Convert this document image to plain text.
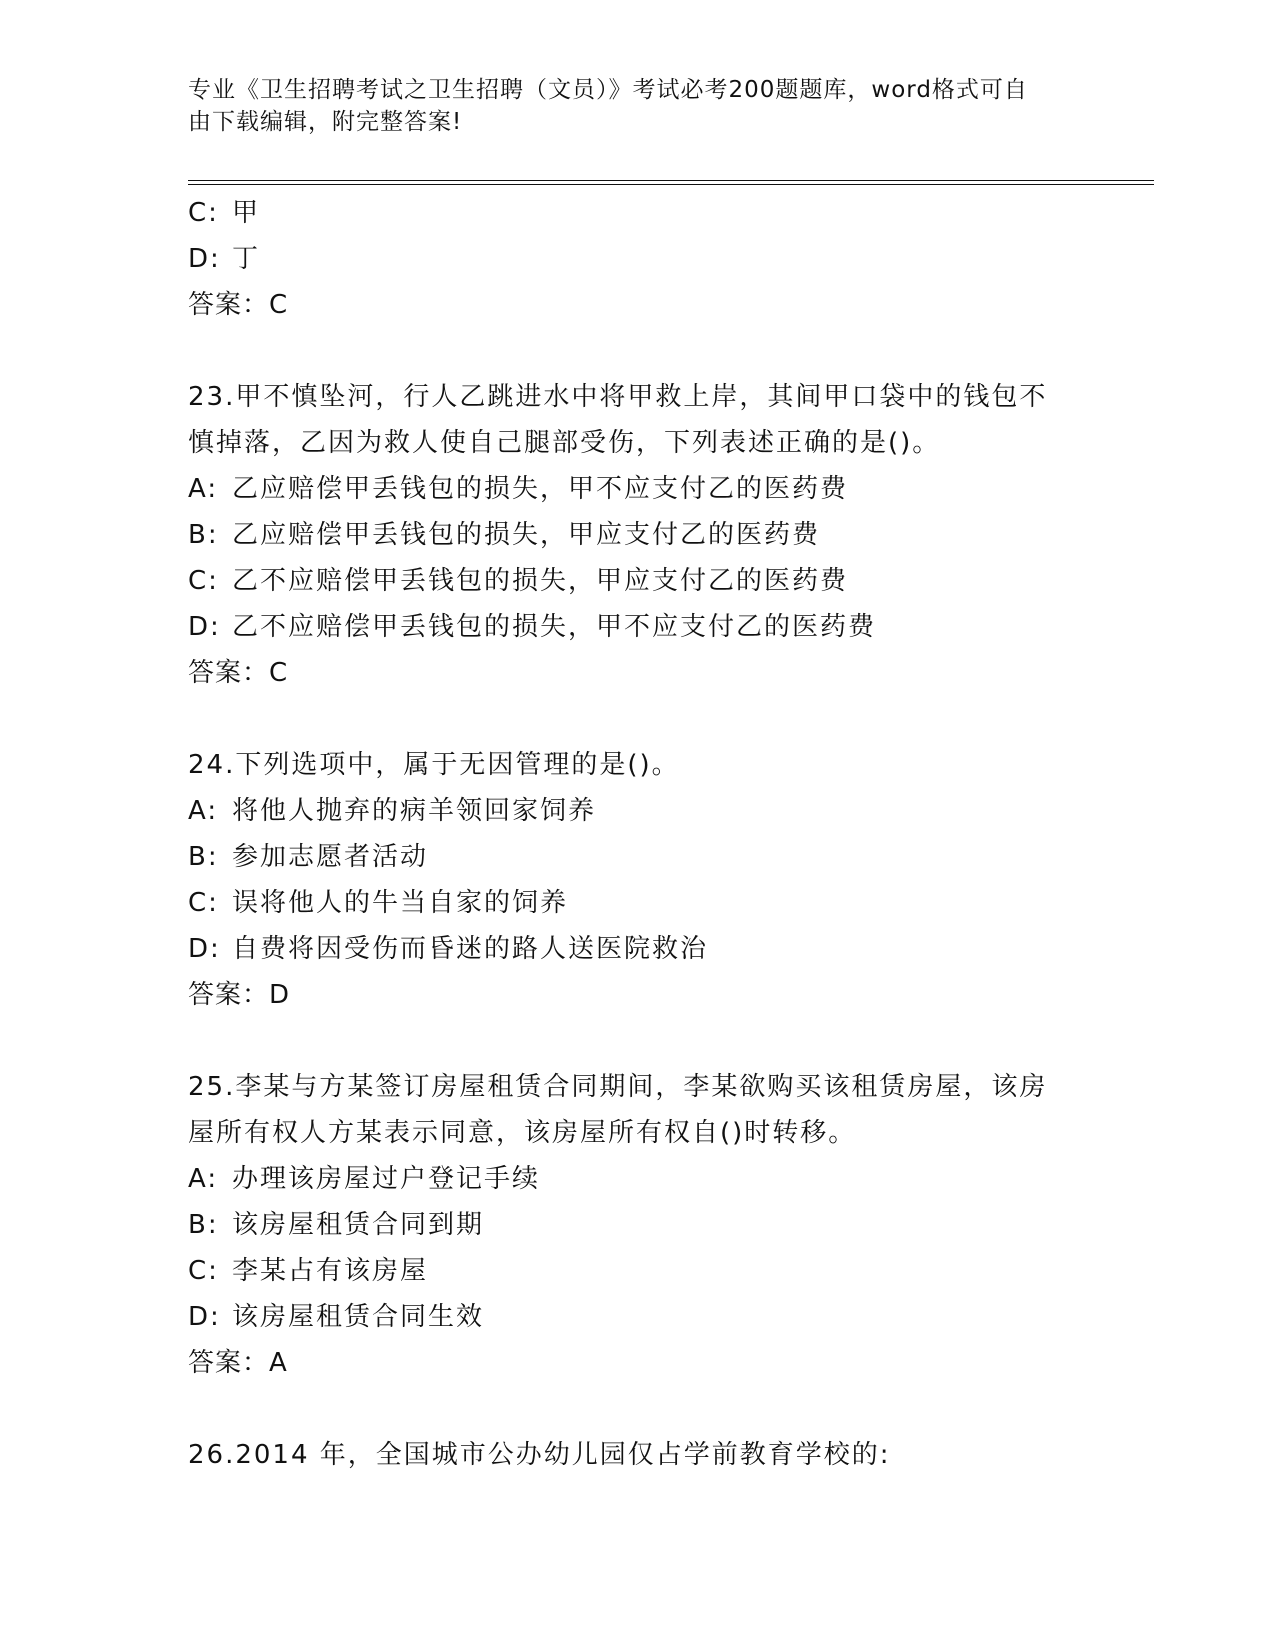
专业《卫生招聘考试之卫生招聘（文员）》考试必考200题题库，word格式可自
由下载编辑，附完整答案!
C: 甲
D: 丁
答案：C
23.甲不慎坠河，行人乙跳进水中将甲救上岸，其间甲口袋中的钱包不
慎掉落，乙因为救人使自己腿部受伤，下列表述正确的是()。
A: 乙应赔偿甲丢钱包的损失，甲不应支付乙的医药费
B: 乙应赔偿甲丢钱包的损失，甲应支付乙的医药费
C: 乙不应赔偿甲丢钱包的损失，甲应支付乙的医药费
D: 乙不应赔偿甲丢钱包的损失，甲不应支付乙的医药费
答案：C
24.下列选项中，属于无因管理的是()。
A: 将他人抛弃的病羊领回家饲养
B: 参加志愿者活动
C: 误将他人的牛当自家的饲养
D: 自费将因受伤而昏迷的路人送医院救治
答案：D
25.李某与方某签订房屋租赁合同期间，李某欲购买该租赁房屋，该房
屋所有权人方某表示同意，该房屋所有权自()时转移。
A: 办理该房屋过户登记手续
B: 该房屋租赁合同到期
C: 李某占有该房屋
D: 该房屋租赁合同生效
答案：A
26.2014 年，全国城市公办幼儿园仅占学前教育学校的:
